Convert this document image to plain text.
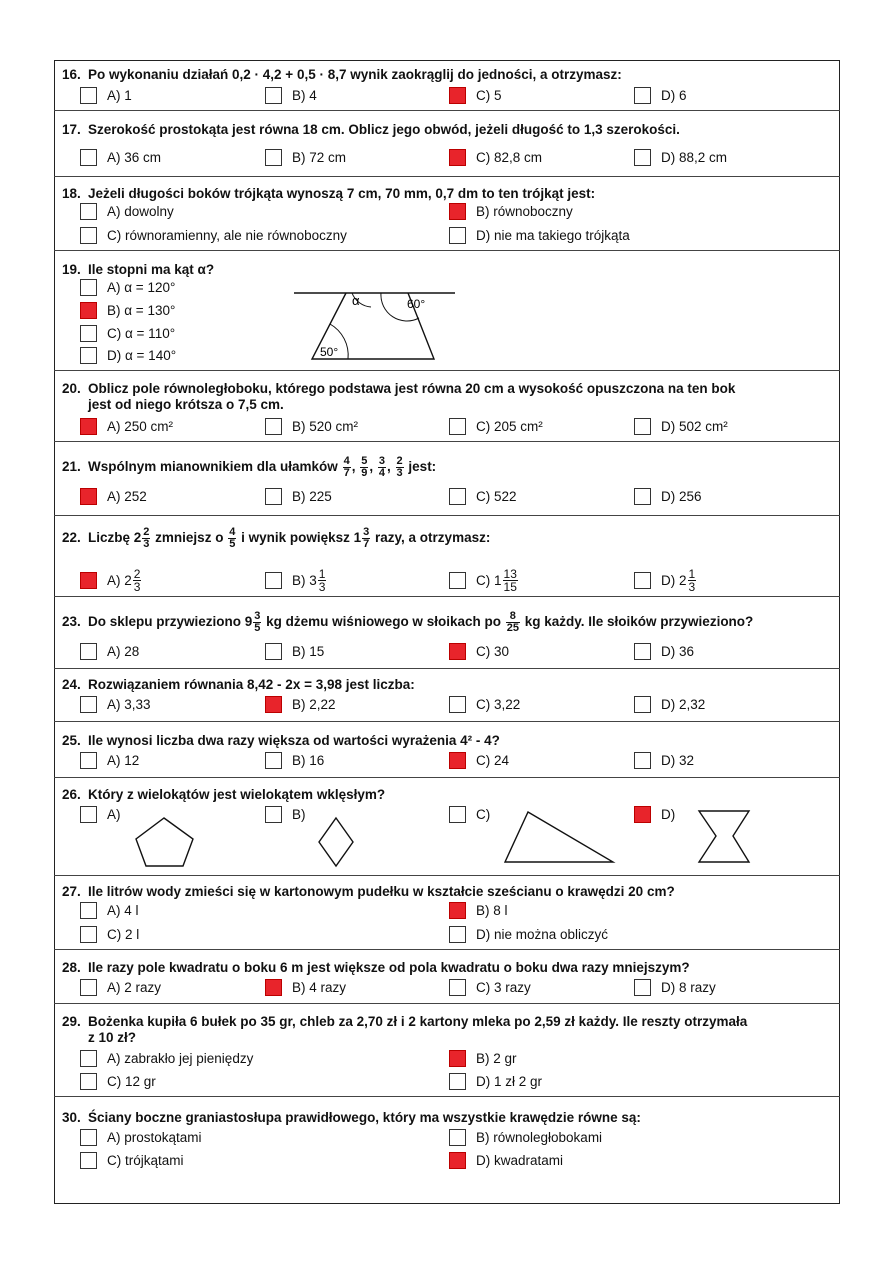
16. Po wykonaniu działań 0,2 · 4,2 + 0,5 · 8,7 wynik zaokrąglij do jedności, a otrzymasz:
A) 1	B) 4	C) 5	D) 6
17. Szerokość prostokąta jest równa 18 cm. Oblicz jego obwód, jeżeli długość to 1,3 szerokości.
A) 36 cm	B) 72 cm	C) 82,8 cm	D) 88,2 cm
18. Jeżeli długości boków trójkąta wynoszą 7 cm, 70 mm, 0,7 dm to ten trójkąt jest:
A) dowolny	B) równoboczny
C) równoramienny, ale nie równoboczny	D) nie ma takiego trójkąta
19. Ile stopni ma kąt α?
A) α = 120°
B) α = 130°
C) α = 110°
D) α = 140°
20. Oblicz pole równoległoboku, którego podstawa jest równa 20 cm a wysokość opuszczona na ten bok
jest od niego krótsza o 7,5 cm.
A) 250 cm²	B) 520 cm²	C) 205 cm²	D) 502 cm²
21. Wspólnym mianownikiem dla ułamków $\frac{4}{7}$ , $\frac{5}{9}$ , $\frac{3}{4}$ , $\frac{2}{3}$ jest:
A) 252	B) 225	C) 522	D) 256
22. Liczbę $2 \frac{2}{3}$ zmniejsz o $\frac{4}{5}$ i wynik powiększ $1 \frac{3}{7}$ razy, a otrzymasz:
A) $2 \frac{2}{3}$	B) $3 \frac{1}{3}$	C) $1 \frac{13}{15}$	D) $2 \frac{1}{3}$
23. Do sklepu przywieziono $9 \frac{3}{5}$ kg dżemu wiśniowego w słoikach po $\frac{8}{25}$ kg każdy. Ile słoików przywieziono?
A) 28	B) 15	C) 30	D) 36
24. Rozwiązaniem równania 8,42 - 2x = 3,98 jest liczba:
A) 3,33	B) 2,22	C) 3,22	D) 2,32
25. Ile wynosi liczba dwa razy większa od wartości wyrażenia 4² - 4?
A) 12	B) 16	C) 24	D) 32
26. Który z wielokątów jest wielokątem wklęsłym?
A)	B)	C)	D)
27. Ile litrów wody zmieści się w kartonowym pudełku w kształcie sześcianu o krawędzi 20 cm?
A) 4 l	B) 8 l
C) 2 l	D) nie można obliczyć
28. Ile razy pole kwadratu o boku 6 m jest większe od pola kwadratu o boku dwa razy mniejszym?
A) 2 razy	B) 4 razy	C) 3 razy	D) 8 razy
29. Bożenka kupiła 6 bułek po 35 gr, chleb za 2,70 zł i 2 kartony mleka po 2,59 zł każdy. Ile reszty otrzymała
z 10 zł?
A) zabrakło jej pieniędzy	B) 2 gr
C) 12 gr	D) 1 zł 2 gr
30. Ściany boczne graniastosłupa prawidłowego, który ma wszystkie krawędzie równe są:
A) prostokątami	B) równoległobokami
C) trójkątami	D) kwadratami
α	60°
50°
